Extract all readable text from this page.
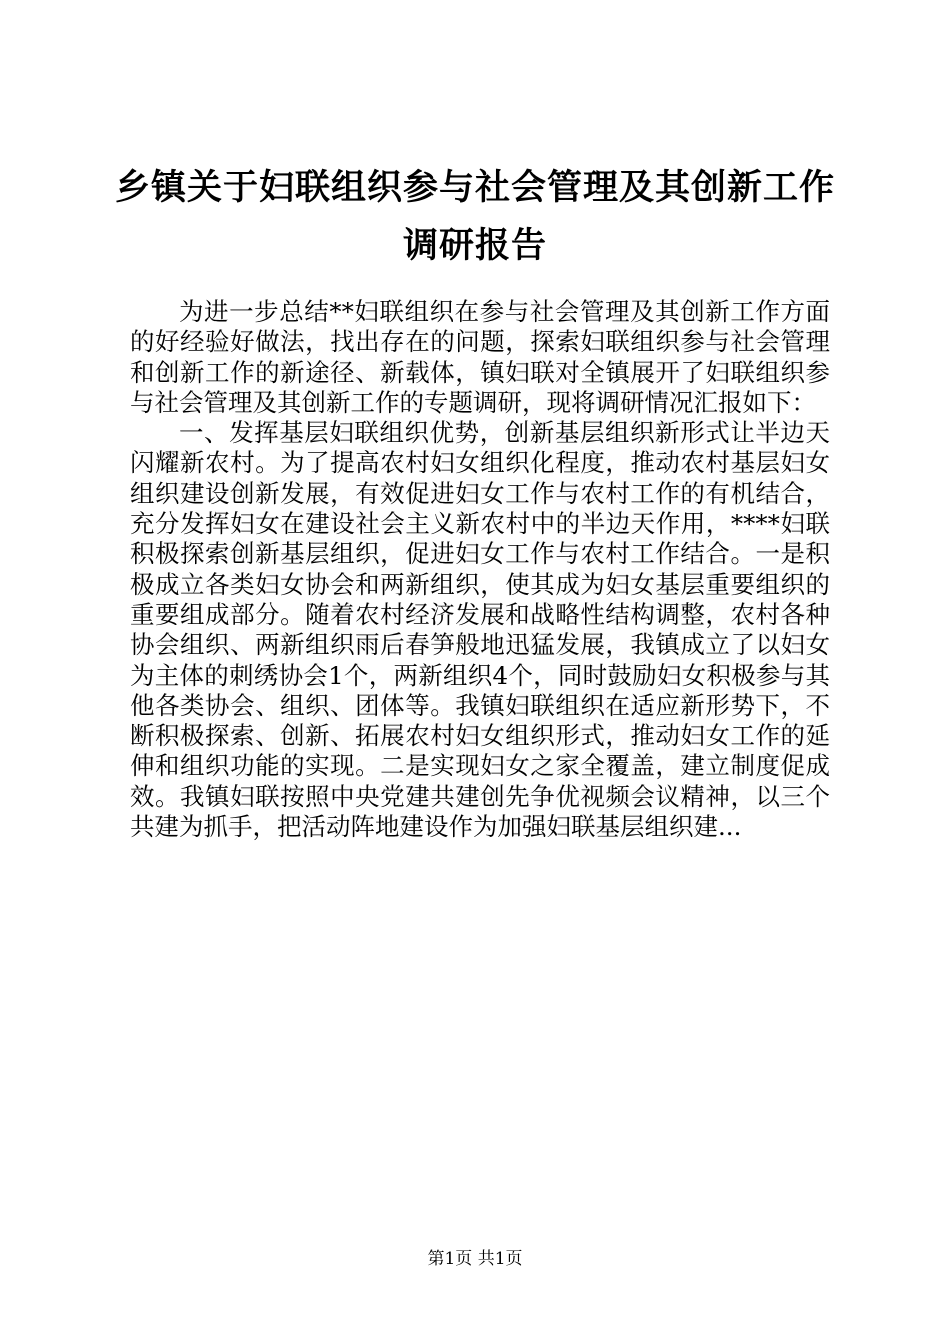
乡镇关于妇联组织参与社会管理及其创新工作
调研报告

为进一步总结**妇联组织在参与社会管理及其创新工作方面的好经验好做法，找出存在的问题，探索妇联组织参与社会管理和创新工作的新途径、新载体，镇妇联对全镇展开了妇联组织参与社会管理及其创新工作的专题调研，现将调研情况汇报如下：

一、发挥基层妇联组织优势，创新基层组织新形式让半边天闪耀新农村。为了提高农村妇女组织化程度，推动农村基层妇女组织建设创新发展，有效促进妇女工作与农村工作的有机结合，充分发挥妇女在建设社会主义新农村中的半边天作用，****妇联积极探索创新基层组织，促进妇女工作与农村工作结合。一是积极成立各类妇女协会和两新组织，使其成为妇女基层重要组织的重要组成部分。随着农村经济发展和战略性结构调整，农村各种协会组织、两新组织雨后春笋般地迅猛发展，我镇成立了以妇女为主体的刺绣协会1个，两新组织4个，同时鼓励妇女积极参与其他各类协会、组织、团体等。我镇妇联组织在适应新形势下，不断积极探索、创新、拓展农村妇女组织形式，推动妇女工作的延伸和组织功能的实现。二是实现妇女之家全覆盖，建立制度促成效。我镇妇联按照中央党建共建创先争优视频会议精神，以三个共建为抓手，把活动阵地建设作为加强妇联基层组织建...

第1页 共1页
